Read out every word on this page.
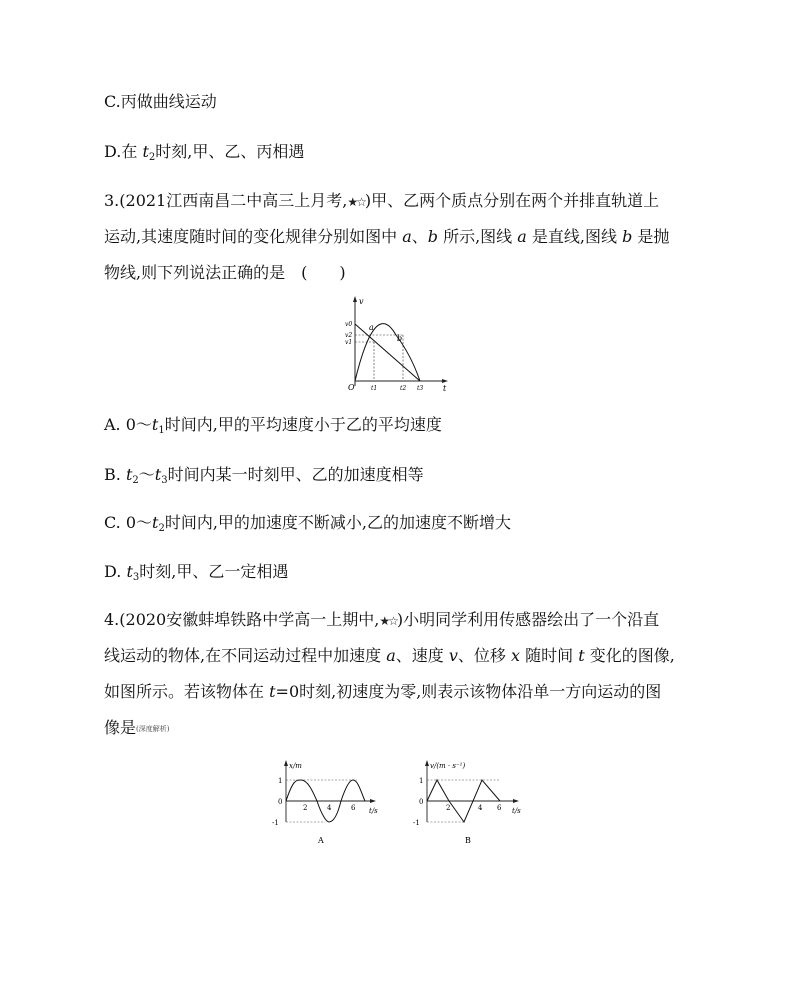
C.丙做曲线运动
D.在 $t_2$时刻,甲、乙、丙相遇
3.(2021江西南昌二中高三上月考,★☆)甲、乙两个质点分别在两个并排直轨道上
运动,其速度随时间的变化规律分别如图中 a、b 所示,图线 a 是直线,图线 b 是抛
物线,则下列说法正确的是　(　　)
v
t
O
v0
v2
v1
t1	t2 t3
a
b
A. $0\sim t_1$时间内,甲的平均速度小于乙的平均速度
B. $t_2\sim t_3$时间内某一时刻甲、乙的加速度相等
C. $0\sim t_2$时间内,甲的加速度不断减小,乙的加速度不断增大
D. $t_3$时刻,甲、乙一定相遇
4.(2020安徽蚌埠铁路中学高一上期中,★☆)小明同学利用传感器绘出了一个沿直
线运动的物体,在不同运动过程中加速度 a、速度 v、位移 x 随时间 t 变化的图像,
如图所示。若该物体在 t=0时刻,初速度为零,则表示该物体沿单一方向运动的图
像是(深度解析)
x/m
t/s
1
0
-1
2	4	6
A
v/(m · s⁻¹)
t/s
1
0
-1
2	4 6
B
